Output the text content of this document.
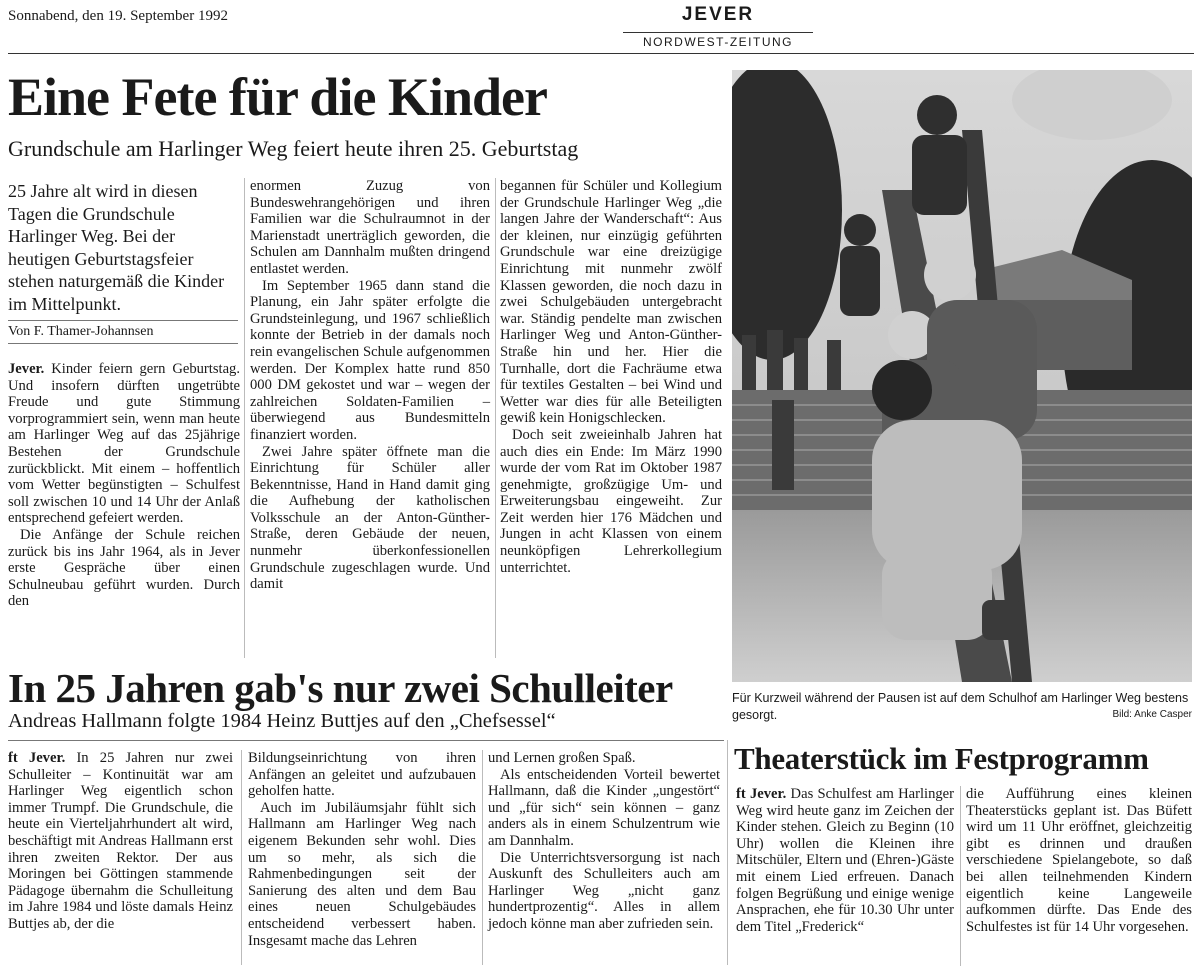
Sonnabend, den 19. September 1992	JEVER
NORDWEST-ZEITUNG
Eine Fete für die Kinder
Grundschule am Harlinger Weg feiert heute ihren 25. Geburtstag
25 Jahre alt wird in diesen Tagen die Grundschule Harlinger Weg. Bei der heutigen Geburtstagsfeier stehen naturgemäß die Kinder im Mittelpunkt.
Von F. Thamer-Johannsen

Jever. Kinder feiern gern Geburtstag. Und insofern dürften ungetrübte Freude und gute Stimmung vorprogrammiert sein, wenn man heute am Harlinger Weg auf das 25jährige Bestehen der Grundschule zurückblickt. Mit einem – hoffentlich vom Wetter begünstigten – Schulfest soll zwischen 10 und 14 Uhr der Anlaß entsprechend gefeiert werden.

Die Anfänge der Schule reichen zurück bis ins Jahr 1964, als in Jever erste Gespräche über einen Schulneubau geführt wurden. Durch den

enormen Zuzug von Bundeswehrangehörigen und ihren Familien war die Schulraumnot in der Marienstadt unerträglich geworden, die Schulen am Dannhalm mußten dringend entlastet werden.

Im September 1965 dann stand die Planung, ein Jahr später erfolgte die Grundsteinlegung, und 1967 schließlich konnte der Betrieb in der damals noch rein evangelischen Schule aufgenommen werden. Der Komplex hatte rund 850 000 DM gekostet und war – wegen der zahlreichen Soldaten-Familien – überwiegend aus Bundesmitteln finanziert worden.

Zwei Jahre später öffnete man die Einrichtung für Schüler aller Bekenntnisse, Hand in Hand damit ging die Aufhebung der katholischen Volksschule an der Anton-Günther-Straße, deren Gebäude der neuen, nunmehr überkonfessionellen Grundschule zugeschlagen wurde. Und damit

begannen für Schüler und Kollegium der Grundschule Harlinger Weg „die langen Jahre der Wanderschaft“: Aus der kleinen, nur einzügig geführten Grundschule war eine dreizügige Einrichtung mit nunmehr zwölf Klassen geworden, die noch dazu in zwei Schulgebäuden untergebracht war. Ständig pendelte man zwischen Harlinger Weg und Anton-Günther-Straße hin und her. Hier die Turnhalle, dort die Fachräume etwa für textiles Gestalten – bei Wind und Wetter war dies für alle Beteiligten gewiß kein Honigschlecken.

Doch seit zweieinhalb Jahren hat auch dies ein Ende: Im März 1990 wurde der vom Rat im Oktober 1987 genehmigte, großzügige Um- und Erweiterungsbau eingeweiht. Zur Zeit werden hier 176 Mädchen und Jungen in acht Klassen von einem neunköpfigen Lehrerkollegium unterrichtet.

Für Kurzweil während der Pausen ist auf dem Schulhof am Harlinger Weg bestens gesorgt.	Bild: Anke Casper
In 25 Jahren gab's nur zwei Schulleiter
Andreas Hallmann folgte 1984 Heinz Buttjes auf den „Chefsessel“

ft Jever. In 25 Jahren nur zwei Schulleiter – Kontinuität war am Harlinger Weg eigentlich schon immer Trumpf. Die Grundschule, die heute ein Vierteljahrhundert alt wird, beschäftigt mit Andreas Hallmann erst ihren zweiten Rektor. Der aus Moringen bei Göttingen stammende Pädagoge übernahm die Schulleitung im Jahre 1984 und löste damals Heinz Buttjes ab, der die

Bildungseinrichtung von ihren Anfängen an geleitet und aufzubauen geholfen hatte.

Auch im Jubiläumsjahr fühlt sich Hallmann am Harlinger Weg nach eigenem Bekunden sehr wohl. Dies um so mehr, als sich die Rahmenbedingungen seit der Sanierung des alten und dem Bau eines neuen Schulgebäudes entscheidend verbessert haben. Insgesamt mache das Lehren

und Lernen großen Spaß.

Als entscheidenden Vorteil bewertet Hallmann, daß die Kinder „ungestört“ und „für sich“ sein können – ganz anders als in einem Schulzentrum wie am Dannhalm.

Die Unterrichtsversorgung ist nach Auskunft des Schulleiters auch am Harlinger Weg „nicht ganz hundertprozentig“. Alles in allem jedoch könne man aber zufrieden sein.

Theaterstück im Festprogramm

ft Jever. Das Schulfest am Harlinger Weg wird heute ganz im Zeichen der Kinder stehen. Gleich zu Beginn (10 Uhr) wollen die Kleinen ihre Mitschüler, Eltern und (Ehren-)Gäste mit einem Lied erfreuen. Danach folgen Begrüßung und einige wenige Ansprachen, ehe für 10.30 Uhr unter dem Titel „Frederick“

die Aufführung eines kleinen Theaterstücks geplant ist. Das Büfett wird um 11 Uhr eröffnet, gleichzeitig gibt es drinnen und draußen verschiedene Spielangebote, so daß bei allen teilnehmenden Kindern eigentlich keine Langeweile aufkommen dürfte. Das Ende des Schulfestes ist für 14 Uhr vorgesehen.
